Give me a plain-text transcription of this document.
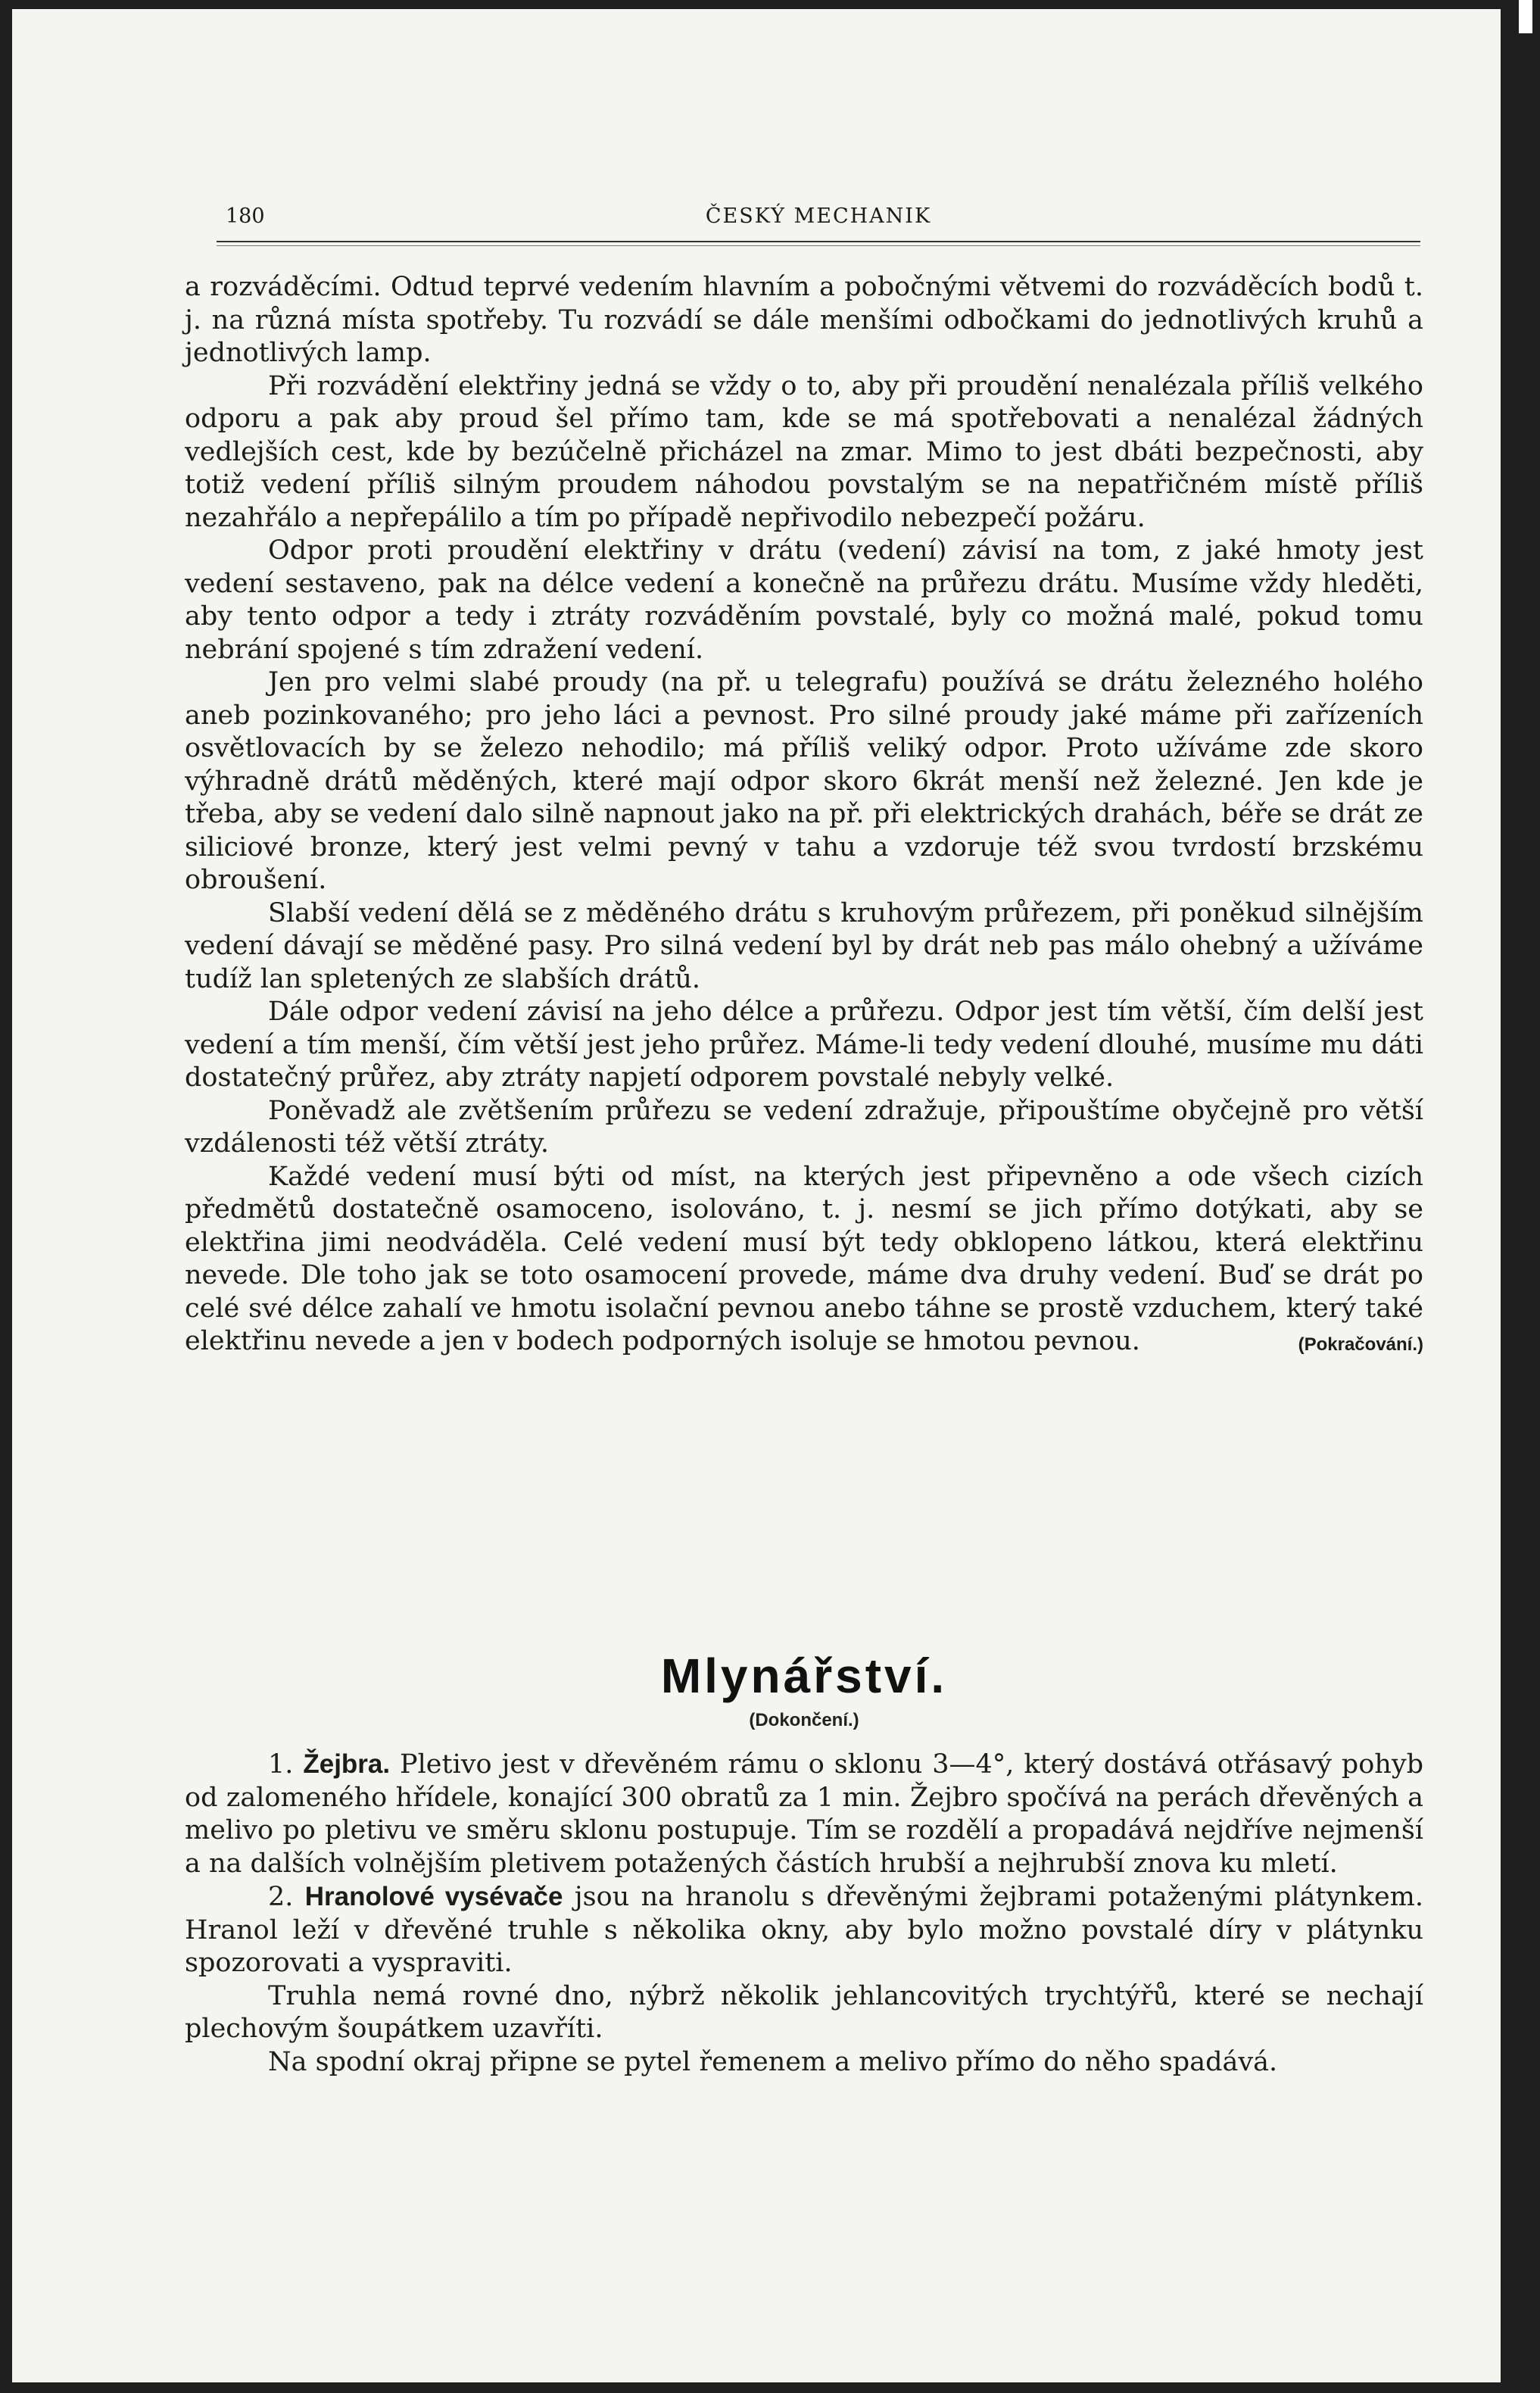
180	ČESKÝ MECHANIK

a rozváděcími. Odtud teprvé vedením hlavním a pobočnými větvemi do rozváděcích bodů t. j. na různá místa spotřeby. Tu rozvádí se dále menšími odbočkami do jednotlivých kruhů a jednotlivých lamp.

Při rozvádění elektřiny jedná se vždy o to, aby při proudění nenalézala příliš velkého odporu a pak aby proud šel přímo tam, kde se má spotřebovati a nenalézal žádných vedlejších cest, kde by bezúčelně přicházel na zmar. Mimo to jest dbáti bezpečnosti, aby totiž vedení příliš silným proudem náhodou povstalým se na nepatřičném místě příliš nezahřálo a nepřepálilo a tím po případě nepřivodilo nebezpečí požáru.

Odpor proti proudění elektřiny v drátu (vedení) závisí na tom, z jaké hmoty jest vedení sestaveno, pak na délce vedení a konečně na průřezu drátu. Musíme vždy hleděti, aby tento odpor a tedy i ztráty rozváděním povstalé, byly co možná malé, pokud tomu nebrání spojené s tím zdražení vedení.

Jen pro velmi slabé proudy (na př. u telegrafu) používá se drátu železného holého aneb pozinkovaného; pro jeho láci a pevnost. Pro silné proudy jaké máme při zařízeních osvětlovacích by se železo nehodilo; má příliš veliký odpor. Proto užíváme zde skoro výhradně drátů měděných, které mají odpor skoro 6krát menší než železné. Jen kde je třeba, aby se vedení dalo silně napnout jako na př. při elektrických drahách, béře se drát ze siliciové bronze, který jest velmi pevný v tahu a vzdoruje též svou tvrdostí brzskému obroušení.

Slabší vedení dělá se z měděného drátu s kruhovým průřezem, při poněkud silnějším vedení dávají se měděné pasy. Pro silná vedení byl by drát neb pas málo ohebný a užíváme tudíž lan spletených ze slabších drátů.

Dále odpor vedení závisí na jeho délce a průřezu. Odpor jest tím větší, čím delší jest vedení a tím menší, čím větší jest jeho průřez. Máme-li tedy vedení dlouhé, musíme mu dáti dostatečný průřez, aby ztráty napjetí odporem povstalé nebyly velké.

Poněvadž ale zvětšením průřezu se vedení zdražuje, připouštíme obyčejně pro větší vzdálenosti též větší ztráty.

Každé vedení musí býti od míst, na kterých jest připevněno a ode všech cizích předmětů dostatečně osamoceno, isolováno, t. j. nesmí se jich přímo dotýkati, aby se elektřina jimi neodváděla. Celé vedení musí být tedy obklopeno látkou, která elektřinu nevede. Dle toho jak se toto osamocení provede, máme dva druhy vedení. Buď se drát po celé své délce zahalí ve hmotu isolační pevnou anebo táhne se prostě vzduchem, který také elektřinu nevede a jen v bodech podporných isoluje se hmotou pevnou.	(Pokračování.)

Mlynářství.
(Dokončení.)

1. Žejbra. Pletivo jest v dřevěném rámu o sklonu 3—4°, který dostává otřásavý pohyb od zalomeného hřídele, konající 300 obratů za 1 min. Žejbro spočívá na perách dřevěných a melivo po pletivu ve směru sklonu postupuje. Tím se rozdělí a propadává nejdříve nejmenší a na dalších volnějším pletivem potažených částích hrubší a nejhrubší znova ku mletí.

2. Hranolové vysévače jsou na hranolu s dřevěnými žejbrami potaženými plátynkem. Hranol leží v dřevěné truhle s několika okny, aby bylo možno povstalé díry v plátynku spozorovati a vyspraviti.

Truhla nemá rovné dno, nýbrž několik jehlancovitých trychtýřů, které se nechají plechovým šoupátkem uzavříti.

Na spodní okraj připne se pytel řemenem a melivo přímo do něho spadává.
